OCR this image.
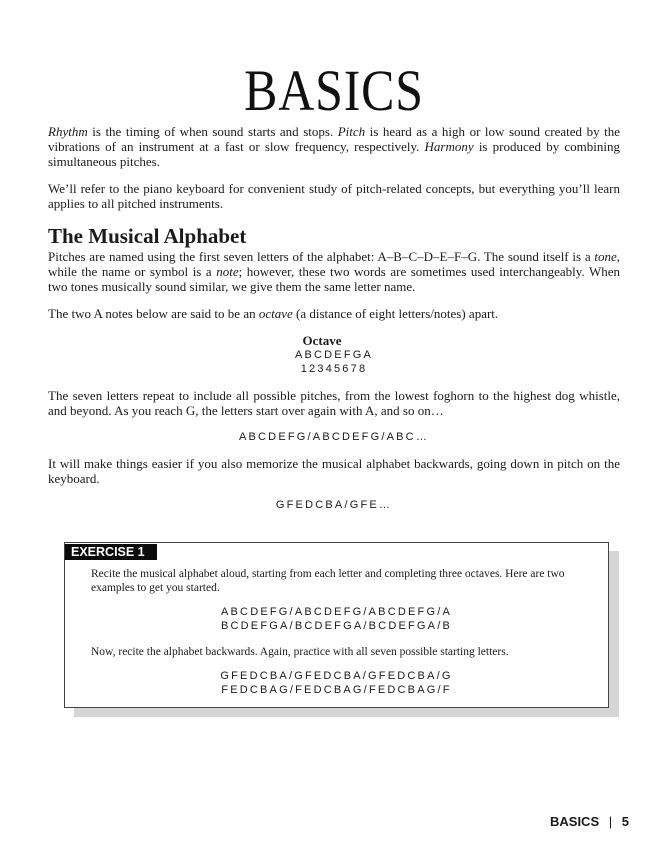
BASICS

Rhythm is the timing of when sound starts and stops. Pitch is heard as a high or low sound created by the vibrations of an instrument at a fast or slow frequency, respectively. Harmony is produced by combining simultaneous pitches.

We’ll refer to the piano keyboard for convenient study of pitch-related concepts, but everything you’ll learn applies to all pitched instruments.

The Musical Alphabet

Pitches are named using the first seven letters of the alphabet: A–B–C–D–E–F–G. The sound itself is a tone, while the name or symbol is a note; however, these two words are sometimes used interchangeably. When two tones musically sound similar, we give them the same letter name.

The two A notes below are said to be an octave (a distance of eight letters/notes) apart.

Octave
ABCDEFGA
12345678

The seven letters repeat to include all possible pitches, from the lowest foghorn to the highest dog whistle, and beyond. As you reach G, the letters start over again with A, and so on…

ABCDEFG/ABCDEFG/ABC…

It will make things easier if you also memorize the musical alphabet backwards, going down in pitch on the keyboard.

GFEDCBA/GFE…
EXERCISE 1

Recite the musical alphabet aloud, starting from each letter and completing three octaves. Here are two examples to get you started.

ABCDEFG/ABCDEFG/ABCDEFG/A
BCDEFGA/BCDEFGA/BCDEFGA/B

Now, recite the alphabet backwards. Again, practice with all seven possible starting letters.

GFEDCBA/GFEDCBA/GFEDCBA/G
FEDCBAG/FEDCBAG/FEDCBAG/F
BASICS | 5
